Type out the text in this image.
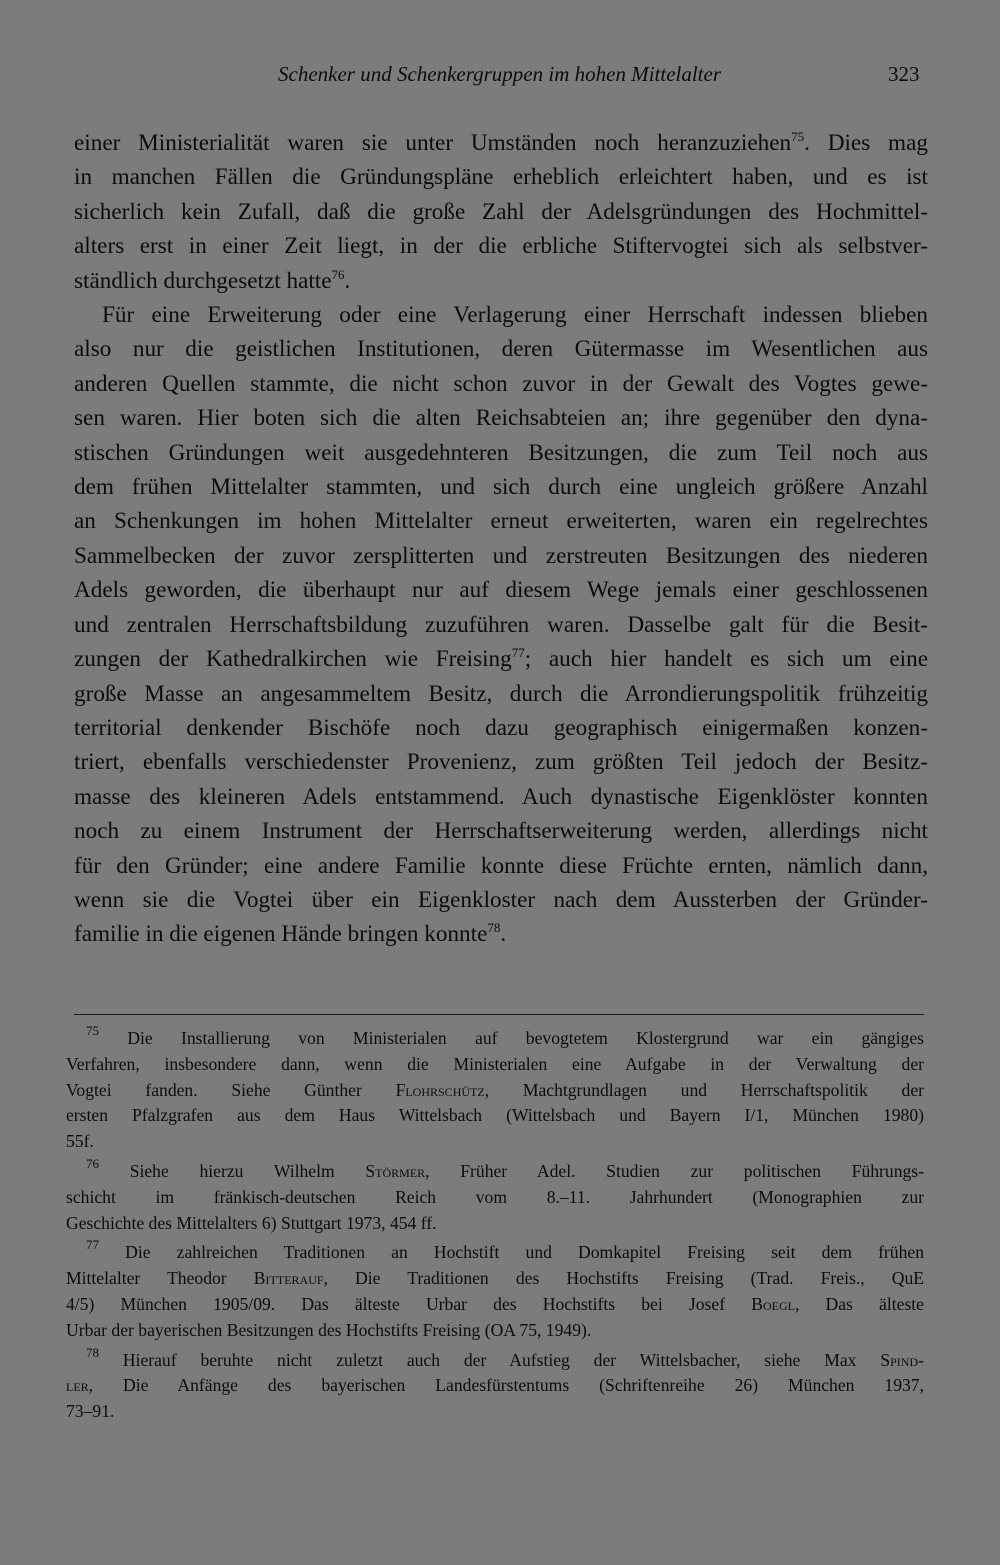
Schenker und Schenkergruppen im hohen Mittelalter	323
einer Ministerialität waren sie unter Umständen noch heranzuziehen$^{75}$. Dies mag
in manchen Fällen die Gründungspläne erheblich erleichtert haben, und es ist
sicherlich kein Zufall, daß die große Zahl der Adelsgründungen des Hochmittel-
alters erst in einer Zeit liegt, in der die erbliche Stiftervogtei sich als selbstver-
ständlich durchgesetzt hatte$^{76}$.
Für eine Erweiterung oder eine Verlagerung einer Herrschaft indessen blieben
also nur die geistlichen Institutionen, deren Gütermasse im Wesentlichen aus
anderen Quellen stammte, die nicht schon zuvor in der Gewalt des Vogtes gewe-
sen waren. Hier boten sich die alten Reichsabteien an; ihre gegenüber den dyna-
stischen Gründungen weit ausgedehnteren Besitzungen, die zum Teil noch aus
dem frühen Mittelalter stammten, und sich durch eine ungleich größere Anzahl
an Schenkungen im hohen Mittelalter erneut erweiterten, waren ein regelrechtes
Sammelbecken der zuvor zersplitterten und zerstreuten Besitzungen des niederen
Adels geworden, die überhaupt nur auf diesem Wege jemals einer geschlossenen
und zentralen Herrschaftsbildung zuzuführen waren. Dasselbe galt für die Besit-
zungen der Kathedralkirchen wie Freising$^{77}$; auch hier handelt es sich um eine
große Masse an angesammeltem Besitz, durch die Arrondierungspolitik frühzeitig
territorial denkender Bischöfe noch dazu geographisch einigermaßen konzen-
triert, ebenfalls verschiedenster Provenienz, zum größten Teil jedoch der Besitz-
masse des kleineren Adels entstammend. Auch dynastische Eigenklöster konnten
noch zu einem Instrument der Herrschaftserweiterung werden, allerdings nicht
für den Gründer; eine andere Familie konnte diese Früchte ernten, nämlich dann,
wenn sie die Vogtei über ein Eigenkloster nach dem Aussterben der Gründer-
familie in die eigenen Hände bringen konnte$^{78}$.
$^{75}$ Die Installierung von Ministerialen auf bevogtetem Klostergrund war ein gängiges
Verfahren, insbesondere dann, wenn die Ministerialen eine Aufgabe in der Verwaltung der
Vogtei fanden. Siehe Günther Flohrschütz, Machtgrundlagen und Herrschaftspolitik der
ersten Pfalzgrafen aus dem Haus Wittelsbach (Wittelsbach und Bayern I/1, München 1980)
55f.
$^{76}$ Siehe hierzu Wilhelm Störmer, Früher Adel. Studien zur politischen Führungs-
schicht im fränkisch-deutschen Reich vom 8.–11. Jahrhundert (Monographien zur
Geschichte des Mittelalters 6) Stuttgart 1973, 454 ff.
$^{77}$ Die zahlreichen Traditionen an Hochstift und Domkapitel Freising seit dem frühen
Mittelalter Theodor Bitterauf, Die Traditionen des Hochstifts Freising (Trad. Freis., QuE
4/5) München 1905/09. Das älteste Urbar des Hochstifts bei Josef Boegl, Das älteste
Urbar der bayerischen Besitzungen des Hochstifts Freising (OA 75, 1949).
$^{78}$ Hierauf beruhte nicht zuletzt auch der Aufstieg der Wittelsbacher, siehe Max Spind-
ler, Die Anfänge des bayerischen Landesfürstentums (Schriftenreihe 26) München 1937,
73–91.
